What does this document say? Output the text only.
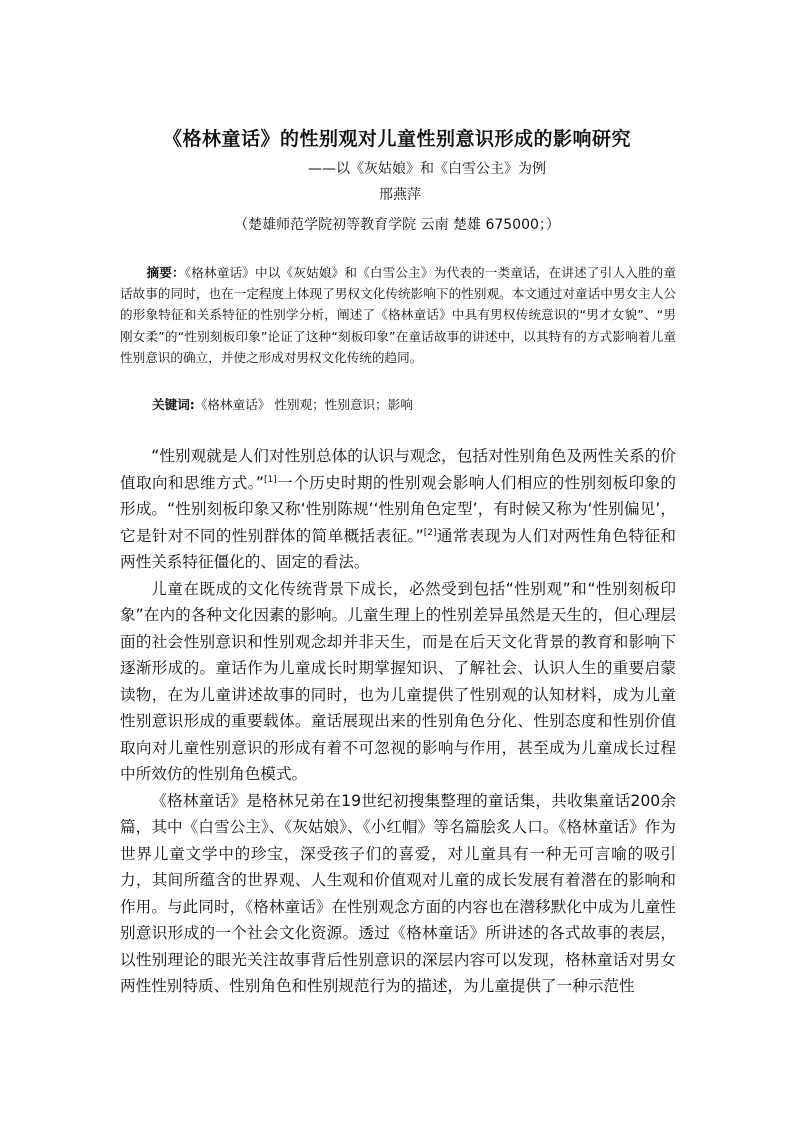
《格林童话》的性别观对儿童性别意识形成的影响研究
——以《灰姑娘》和《白雪公主》为例
邢燕萍
（楚雄师范学院初等教育学院 云南 楚雄 675000；）
摘要：《格林童话》中以《灰姑娘》和《白雪公主》为代表的一类童话，在讲述了引人入胜的童话故事的同时，也在一定程度上体现了男权文化传统影响下的性别观。本文通过对童话中男女主人公的形象特征和关系特征的性别学分析，阐述了《格林童话》中具有男权传统意识的“男才女貌”、“男刚女柔”的“性别刻板印象”论证了这种“刻板印象”在童话故事的讲述中，以其特有的方式影响着儿童性别意识的确立，并使之形成对男权文化传统的趋同。
关键词:《格林童话》 性别观；性别意识；影响

“性别观就是人们对性别总体的认识与观念，包括对性别角色及两性关系的价值取向和思维方式。”[1]一个历史时期的性别观会影响人们相应的性别刻板印象的形成。“性别刻板印象又称‘性别陈规’‘性别角色定型’，有时候又称为‘性别偏见’，它是针对不同的性别群体的简单概括表征。”[2]通常表现为人们对两性角色特征和两性关系特征僵化的、固定的看法。

儿童在既成的文化传统背景下成长，必然受到包括“性别观”和“性别刻板印象”在内的各种文化因素的影响。儿童生理上的性别差异虽然是天生的，但心理层面的社会性别意识和性别观念却并非天生，而是在后天文化背景的教育和影响下逐渐形成的。童话作为儿童成长时期掌握知识、了解社会、认识人生的重要启蒙读物，在为儿童讲述故事的同时，也为儿童提供了性别观的认知材料，成为儿童性别意识形成的重要载体。童话展现出来的性别角色分化、性别态度和性别价值取向对儿童性别意识的形成有着不可忽视的影响与作用，甚至成为儿童成长过程中所效仿的性别角色模式。

《格林童话》是格林兄弟在19世纪初搜集整理的童话集，共收集童话200余篇，其中《白雪公主》、《灰姑娘》、《小红帽》等名篇脍炙人口。《格林童话》作为世界儿童文学中的珍宝，深受孩子们的喜爱，对儿童具有一种无可言喻的吸引力，其间所蕴含的世界观、人生观和价值观对儿童的成长发展有着潜在的影响和作用。与此同时，《格林童话》在性别观念方面的内容也在潜移默化中成为儿童性别意识形成的一个社会文化资源。透过《格林童话》所讲述的各式故事的表层，以性别理论的眼光关注故事背后性别意识的深层内容可以发现，格林童话对男女两性性别特质、性别角色和性别规范行为的描述，为儿童提供了一种示范性
